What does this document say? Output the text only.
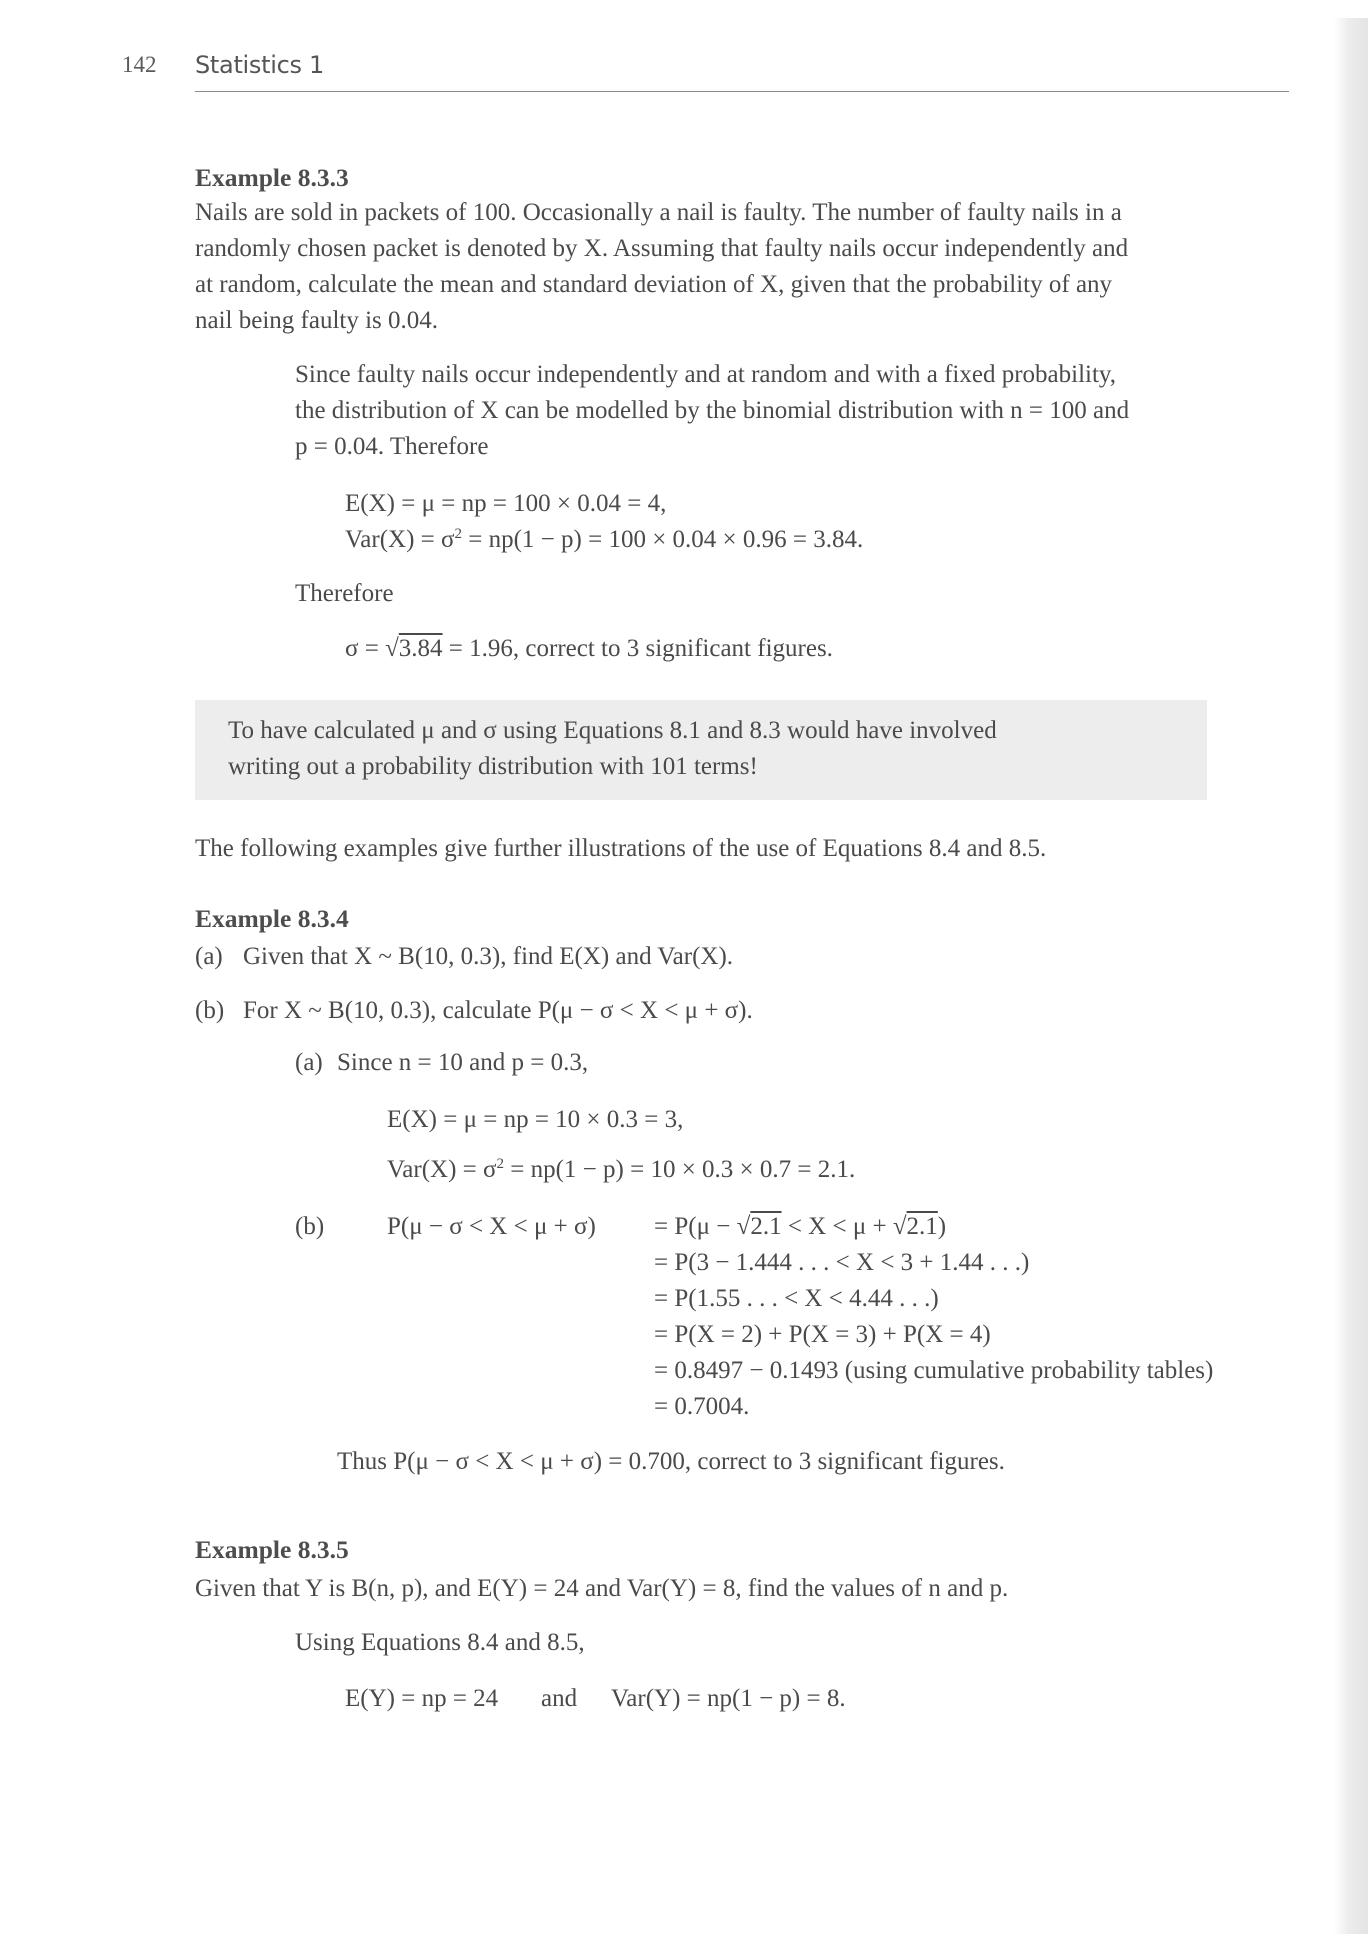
142 Statistics 1
Example 8.3.3
Nails are sold in packets of 100. Occasionally a nail is faulty. The number of faulty nails in a
randomly chosen packet is denoted by X. Assuming that faulty nails occur independently and
at random, calculate the mean and standard deviation of X, given that the probability of any
nail being faulty is 0.04.
Since faulty nails occur independently and at random and with a fixed probability,
the distribution of X can be modelled by the binomial distribution with n = 100 and
p = 0.04. Therefore
E(X) = μ = np = 100 × 0.04 = 4,
$Var(X) = \sigma^2 = np(1 - p) = 100 \times 0.04 \times 0.96 = 3.84$.
Therefore
σ = √3.84 = 1.96, correct to 3 significant figures.
To have calculated μ and σ using Equations 8.1 and 8.3 would have involved
writing out a probability distribution with 101 terms!
The following examples give further illustrations of the use of Equations 8.4 and 8.5.
Example 8.3.4
(a) Given that X ~ B(10, 0.3), find E(X) and Var(X).
(b) For X ~ B(10, 0.3), calculate P(μ − σ < X < μ + σ).
(a) Since n = 10 and p = 0.3,
E(X) = μ = np = 10 × 0.3 = 3,
$Var(X) = \sigma^2 = np(1 - p) = 10 \times 0.3 \times 0.7 = 2.1$.
(b)	P(μ − σ < X < μ + σ) = P(μ − √2.1 < X < μ + √2.1)
= P(3 − 1.444 . . . < X < 3 + 1.44 . . .)
= P(1.55 . . . < X < 4.44 . . .)
= P(X = 2) + P(X = 3) + P(X = 4)
= 0.8497 − 0.1493 (using cumulative probability tables)
= 0.7004.
Thus P(μ − σ < X < μ + σ) = 0.700, correct to 3 significant figures.
Example 8.3.5
Given that Y is B(n, p), and E(Y) = 24 and Var(Y) = 8, find the values of n and p.
Using Equations 8.4 and 8.5,
E(Y) = np = 24 and Var(Y) = np(1 − p) = 8.
